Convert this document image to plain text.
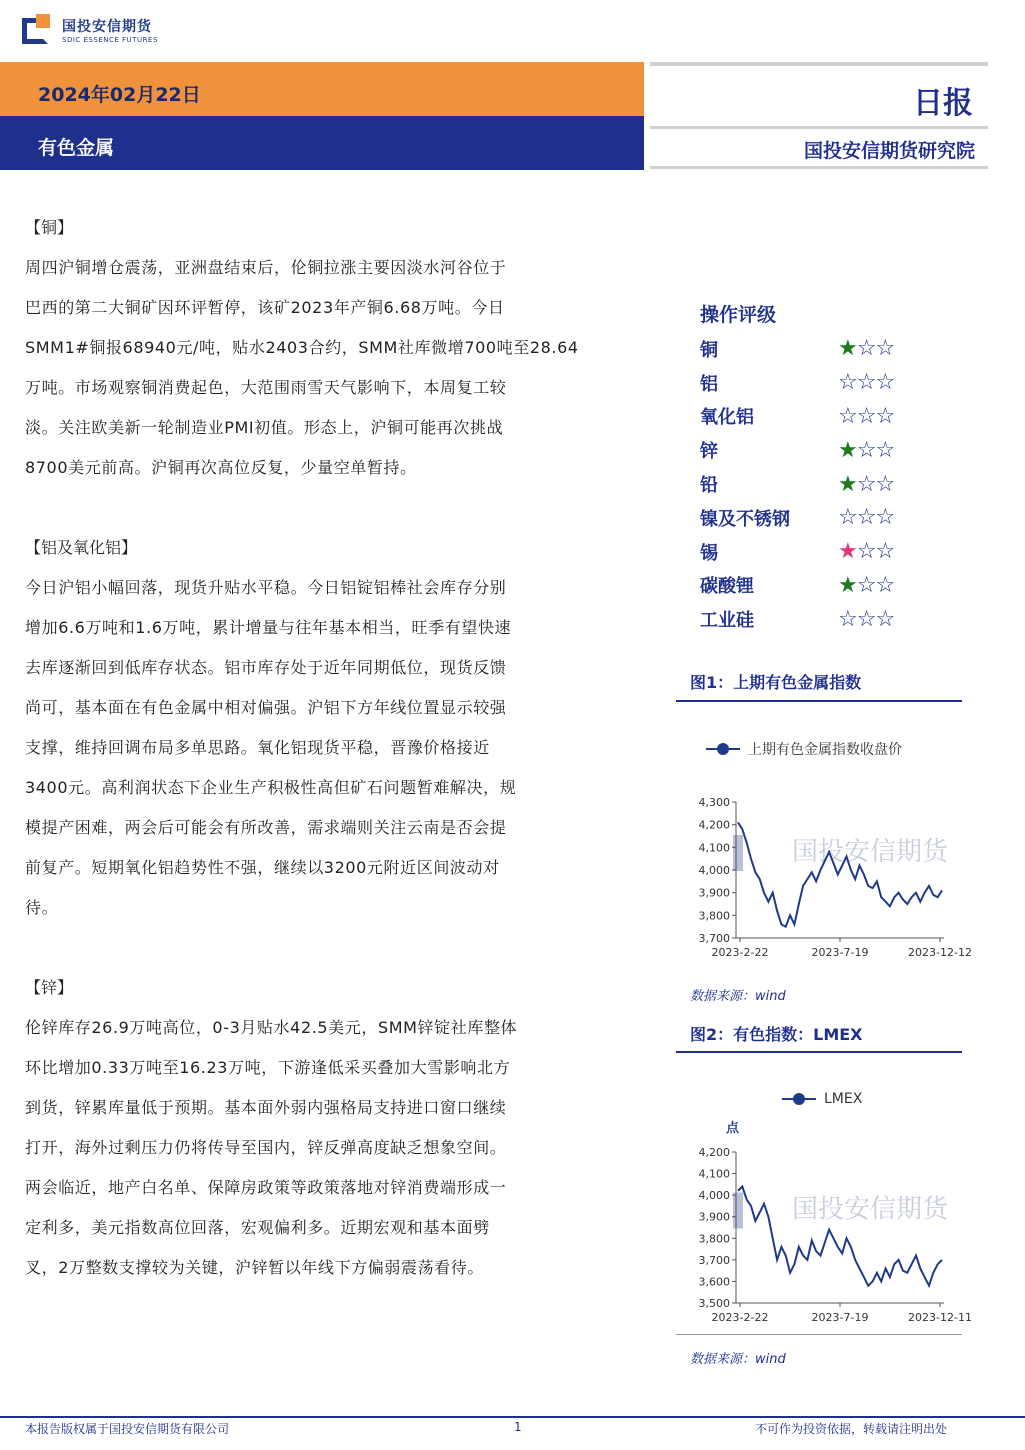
国投安信期货
SDIC ESSENCE FUTURES
2024年02月22日
有色金属
日报
国投安信期货研究院
【铜】
周四沪铜增仓震荡，亚洲盘结束后，伦铜拉涨主要因淡水河谷位于
巴西的第二大铜矿因环评暂停，该矿2023年产铜6.68万吨。今日
SMM1#铜报68940元/吨，贴水2403合约，SMM社库微增700吨至28.64
万吨。市场观察铜消费起色，大范围雨雪天气影响下，本周复工较
淡。关注欧美新一轮制造业PMI初值。形态上，沪铜可能再次挑战
8700美元前高。沪铜再次高位反复，少量空单暂持。
【铝及氧化铝】
今日沪铝小幅回落，现货升贴水平稳。今日铝锭铝棒社会库存分别
增加6.6万吨和1.6万吨，累计增量与往年基本相当，旺季有望快速
去库逐渐回到低库存状态。铝市库存处于近年同期低位，现货反馈
尚可，基本面在有色金属中相对偏强。沪铝下方年线位置显示较强
支撑，维持回调布局多单思路。氧化铝现货平稳，晋豫价格接近
3400元。高利润状态下企业生产积极性高但矿石问题暂难解决，规
模提产困难，两会后可能会有所改善，需求端则关注云南是否会提
前复产。短期氧化铝趋势性不强，继续以3200元附近区间波动对
待。
【锌】
伦锌库存26.9万吨高位，0-3月贴水42.5美元，SMM锌锭社库整体
环比增加0.33万吨至16.23万吨，下游逢低采买叠加大雪影响北方
到货，锌累库量低于预期。基本面外弱内强格局支持进口窗口继续
打开，海外过剩压力仍将传导至国内，锌反弹高度缺乏想象空间。
两会临近，地产白名单、保障房政策等政策落地对锌消费端形成一
定利多，美元指数高位回落，宏观偏利多。近期宏观和基本面劈
叉，2万整数支撑较为关键，沪锌暂以年线下方偏弱震荡看待。
操作评级
铜	★☆☆
铝	☆☆☆
氧化铝	☆☆☆
锌	★☆☆
铅	★☆☆
镍及不锈钢	☆☆☆
锡	★☆☆
碳酸锂	★☆☆
工业硅	☆☆☆
图1：上期有色金属指数
上期有色金属指数收盘价
国投安信期货
3,700
3,800
3,900
4,000
4,100
4,200
4,300
2023-2-22	2023-7-19	2023-12-12
数据来源：wind
图2：有色指数：LMEX
LMEX
点
国投安信期货
3,500
3,600
3,700
3,800
3,900
4,000
4,100
4,200
2023-2-22	2023-7-19	2023-12-11
数据来源：wind
本报告版权属于国投安信期货有限公司	1	不可作为投资依据，转载请注明出处
